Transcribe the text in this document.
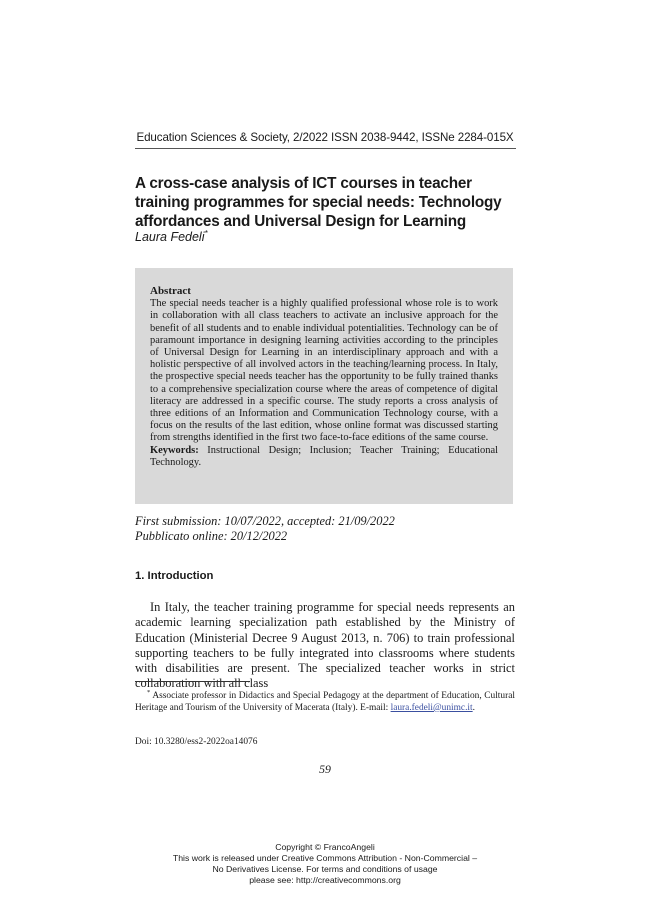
Education Sciences & Society, 2/2022 ISSN 2038-9442, ISSNe 2284-015X
A cross-case analysis of ICT courses in teacher training programmes for special needs: Technology affordances and Universal Design for Learning
Laura Fedeli*
Abstract
The special needs teacher is a highly qualified professional whose role is to work in collaboration with all class teachers to activate an inclusive approach for the benefit of all students and to enable individual potentialities. Technology can be of paramount importance in designing learning activities according to the principles of Universal Design for Learning in an interdisciplinary approach and with a holistic perspective of all involved actors in the teaching/learning process. In Italy, the prospective special needs teacher has the opportunity to be fully trained thanks to a comprehensive specialization course where the areas of competence of digital literacy are addressed in a specific course. The study reports a cross analysis of three editions of an Information and Communication Technology course, with a focus on the results of the last edition, whose online format was discussed starting from strengths identified in the first two face-to-face editions of the same course.
Keywords: Instructional Design; Inclusion; Teacher Training; Educational Technology.
First submission: 10/07/2022, accepted: 21/09/2022
Pubblicato online: 20/12/2022
1. Introduction
In Italy, the teacher training programme for special needs represents an academic learning specialization path established by the Ministry of Education (Ministerial Decree 9 August 2013, n. 706) to train professional supporting teachers to be fully integrated into classrooms where students with disabilities are present. The specialized teacher works in strict collaboration with all class
* Associate professor in Didactics and Special Pedagogy at the department of Education, Cultural Heritage and Tourism of the University of Macerata (Italy). E-mail: laura.fedeli@unimc.it.
Doi: 10.3280/ess2-2022oa14076
59
Copyright © FrancoAngeli
This work is released under Creative Commons Attribution - Non-Commercial –
No Derivatives License. For terms and conditions of usage
please see: http://creativecommons.org
